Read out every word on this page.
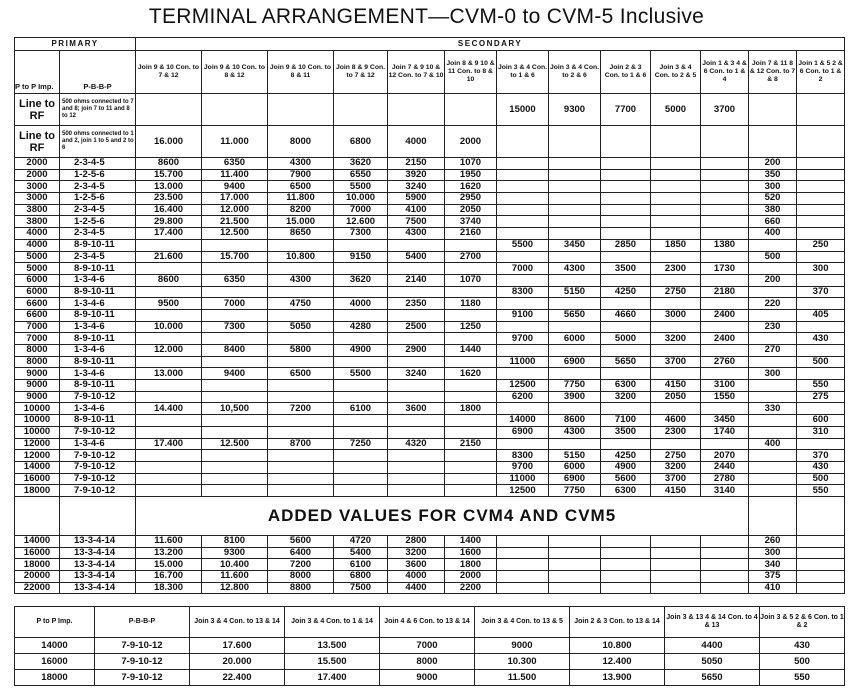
TERMINAL ARRANGEMENT—CVM-0 to CVM-5 Inclusive
PRIMARY		SECONDARY												
P to P Imp.	P-B-B-P	Join 9 & 10 Con. to 7 & 12	Join 9 & 10 Con. to 8 & 12	Join 9 & 10 Con. to 8 & 11	Join 8 & 9 Con. to 7 & 12	Join 7 & 9 10 & 12 Con. to 7 & 10	Join 8 & 9 10 & 11 Con. to 8 & 10	Join 3 & 4 Con. to 1 & 6	Join 3 & 4 Con. to 2 & 6	Join 2 & 3 Con. to 1 & 6	Join 3 & 4 Con. to 2 & 5	Join 1 & 3 4 & 6 Con. to 1 & 4	Join 7 & 11 8 & 12 Con. to 7 & 8	Join 1 & 5 2 & 6 Con. to 1 & 2
Line to RF	500 ohms connected to 7 and 8; join 7 to 11 and 8 to 12							15000	9300	7700	5000	3700		
Line to RF	500 ohms connected to 1 and 2, join 1 to 5 and 2 to 6	16.000	11.000	8000	6800	4000	2000							
2000	2-3-4-5	8600	6350	4300	3620	2150	1070						200	
2000	1-2-5-6	15.700	11.400	7900	6550	3920	1950						350	
3000	2-3-4-5	13.000	9400	6500	5500	3240	1620						300	
3000	1-2-5-6	23.500	17.000	11.800	10.000	5900	2950						520	
3800	2-3-4-5	16.400	12.000	8200	7000	4100	2050						380	
3800	1-2-5-6	29.800	21.500	15.000	12.600	7500	3740						660	
4000	2-3-4-5	17.400	12.500	8650	7300	4300	2160						400	
4000	8-9-10-11							5500	3450	2850	1850	1380		250
5000	2-3-4-5	21.600	15.700	10.800	9150	5400	2700						500	
5000	8-9-10-11							7000	4300	3500	2300	1730		300
6000	1-3-4-6	8600	6350	4300	3620	2140	1070						200	
6000	8-9-10-11							8300	5150	4250	2750	2180		370
6600	1-3-4-6	9500	7000	4750	4000	2350	1180						220	
6600	8-9-10-11							9100	5650	4660	3000	2400		405
7000	1-3-4-6	10.000	7300	5050	4280	2500	1250						230	
7000	8-9-10-11							9700	6000	5000	3200	2400		430
8000	1-3-4-6	12.000	8400	5800	4900	2900	1440						270	
8000	8-9-10-11							11000	6900	5650	3700	2760		500
9000	1-3-4-6	13.000	9400	6500	5500	3240	1620						300	
9000	8-9-10-11							12500	7750	6300	4150	3100		550
9000	7-9-10-12							6200	3900	3200	2050	1550		275
10000	1-3-4-6	14.400	10,500	7200	6100	3600	1800						330	
10000	8-9-10-11							14000	8600	7100	4600	3450		600
10000	7-9-10-12							6900	4300	3500	2300	1740		310
12000	1-3-4-6	17.400	12.500	8700	7250	4320	2150						400	
12000	7-9-10-12							8300	5150	4250	2750	2070		370
14000	7-9-10-12							9700	6000	4900	3200	2440		430
16000	7-9-10-12							11000	6900	5600	3700	2780		500
18000	7-9-10-12							12500	7750	6300	4150	3140		550
		ADDED VALUES FOR CVM4 AND CVM5												
14000	13-3-4-14	11.600	8100	5600	4720	2800	1400						260	
16000	13-3-4-14	13.200	9300	6400	5400	3200	1600						300	
18000	13-3-4-14	15.000	10.400	7200	6100	3600	1800						340	
20000	13-3-4-14	16.700	11.600	8000	6800	4000	2000						375	
22000	13-3-4-14	18.300	12.800	8800	7500	4400	2200						410	
P to P Imp.	P-B-B-P	Join 3 & 4 Con. to 13 & 14	Join 3 & 4 Con. to 1 & 14	Join 4 & 6 Con. to 13 & 14	Join 3 & 4 Con. to 13 & 5	Join 2 & 3 Con. to 13 & 14	Join 3 & 13 4 & 14 Con. to 4 & 13	Join 3 & 5 2 & 6 Con. to 1 & 2
14000	7-9-10-12	17.600	13.500	7000	9000	10.800	4400	430
16000	7-9-10-12	20.000	15.500	8000	10.300	12.400	5050	500
18000	7-9-10-12	22.400	17.400	9000	11.500	13.900	5650	550
